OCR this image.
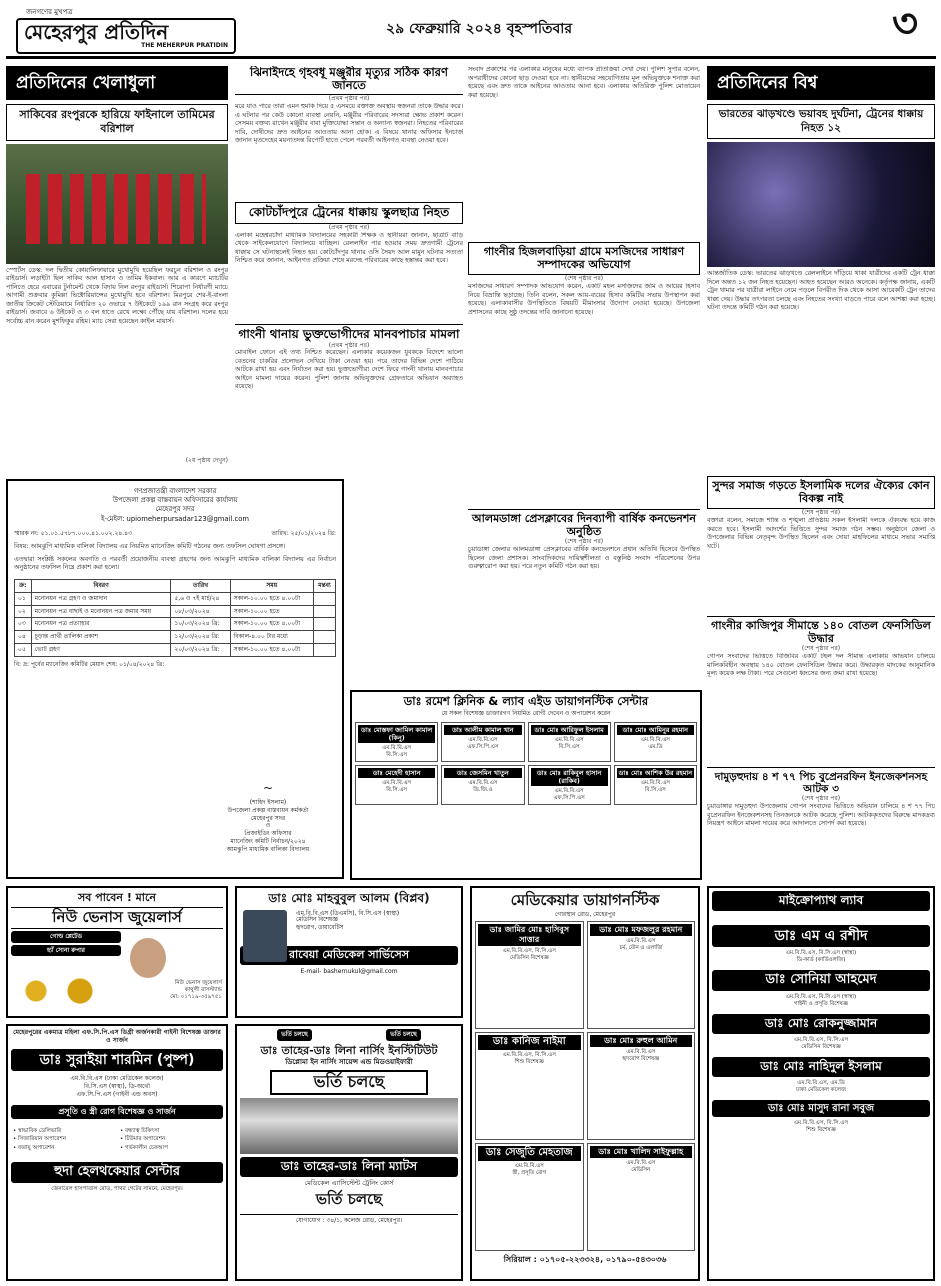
জনগণের মুখপত্র
মেহেরপুর প্রতিদিন
THE MEHERPUR PRATIDIN
২৯ ফেব্রুয়ারি ২০২৪ বৃহস্পতিবার	৩
প্রতিদিনের খেলাধুলা
সাকিবের রংপুরকে হারিয়ে ফাইনালে তামিমের বরিশাল
স্পোর্টস ডেস্ক: দল দ্বিতীয় কোয়ালিফায়ারে মুখোমুখি হয়েছিল ফরচুন বরিশাল ও রংপুর রাইডার্স। লড়াইটা ছিল সাকিব আল হাসান ও তামিম ইকবাল। আর এ কারণে ম্যাচটির পানিতে হেরে এবারের টুর্নামেন্ট থেকে বিদায় নিল রংপুর রাইডার্স। শিরোপা নির্ধারণী ম্যাচে আগামী শুক্রবার কুমিল্লা ভিক্টোরিয়ান্সের মুখোমুখি হবে বরিশাল। মিরপুরে শের-ই-বাংলা জাতীয় ক্রিকেট স্টেডিয়ামে নির্ধারিত ২০ ওভারে ৭ উইকেটে ১৯৯ রান সংগ্রহ করে রংপুর রাইডার্স। জবাবে ৬ উইকেট ও ৩ বল হাতে রেখে লক্ষ্যে পৌঁছে যায় বরিশাল। দলের হয়ে সর্বোচ্চ রান করেন মুশফিকুর রহিম। ম্যাচ সেরা হয়েছেন কাইল মায়ার্স।
(২য় পৃষ্ঠায় দেখুন)
ঝিনাইদহে গৃহবধূ মঞ্জুরীর মৃত্যুর সঠিক কারণ জানতে
(প্রথম পৃষ্ঠার পর)
মরে যাও পারে তারা এমন হুমকি দিয়ে ৫ এসময়ে রক্তাক্ত অবস্থায় স্বজনরা তাকে উদ্ধার করে। এ ঘটনার পর কেউ কোনো ব্যবস্থা নেয়নি, মঞ্জুরীর পরিবারের সদস্যরা ক্ষোভ প্রকাশ করেন। সেসময় বক্তব্য রাখেন মঞ্জুরীর বাবা মুক্তিযোদ্ধা সন্তান ও অন্যান্য স্বজনরা। নিহতের পরিবারের দাবি, দোষীদের দ্রুত আইনের আওতায় আনা হোক। এ বিষয়ে থানার অফিসার ইনচার্জ জানান মৃতদেহের ময়নাতদন্ত রিপোর্ট হাতে পেলে পরবর্তী আইনগত ব্যবস্থা নেওয়া হবে।
কোটচাঁদপুরে ট্রেনের ধাক্কায় স্কুলছাত্র নিহত
(প্রথম পৃষ্ঠার পর)
এলাকা মহেশ্বরচাঁদা মাধ্যমিক বিদ্যালয়ের সহকারী শিক্ষক ও স্থানীয়রা জানান, ছাত্রটি বাড়ি থেকে সাইকেলযোগে বিদ্যালয়ে যাচ্ছিল। রেললাইন পার হওয়ার সময় দ্রুতগামী ট্রেনের ধাক্কায় সে ঘটনাস্থলেই নিহত হয়। কোটচাঁদপুর থানার ওসি সৈয়দ আল মামুন ঘটনার সত্যতা নিশ্চিত করে জানান, আইনগত প্রক্রিয়া শেষে মরদেহ পরিবারের কাছে হস্তান্তর করা হবে।
গাংনী থানায় ভুক্তভোগীদের মানবপাচার মামলা
(প্রথম পৃষ্ঠার পর)
মোবাইল ফোনে এই তথ্য নিশ্চিত করেছেন। এলাকার কয়েকজন যুবককে বিদেশে ভালো বেতনের চাকরির প্রলোভন দেখিয়ে টাকা নেওয়া হয়। পরে তাদের বিভিন্ন দেশে পাঠিয়ে আটকে রাখা হয় এবং নির্যাতন করা হয়। ভুক্তভোগীরা দেশে ফিরে গাংনী থানায় মানবপাচার আইনে মামলা দায়ের করেন। পুলিশ জানায় অভিযুক্তদের গ্রেফতারে অভিযান অব্যাহত রয়েছে।
সংবাদ প্রকাশের পর এলাকার মানুষের মধ্যে ব্যাপক প্রতিক্রিয়া দেখা দেয়। পুলিশ সুপার বলেন, অপরাধীদের কোনো ছাড় দেওয়া হবে না। স্থানীয়দের সহযোগিতায় মূল অভিযুক্তকে শনাক্ত করা হয়েছে এবং দ্রুত তাকে আইনের আওতায় আনা হবে। এলাকায় অতিরিক্ত পুলিশ মোতায়েন করা হয়েছে।
গাংনীর হিজলবাড়িয়া গ্রামে মসজিদের সাধারণ সম্পাদকের অভিযোগ
(শেষ পৃষ্ঠার পর)
মসজিদের সাধারণ সম্পাদক অভিযোগ করেন, একটি মহল মসজিদের জমি ও আয়ের হিসাব নিয়ে বিভ্রান্তি ছড়াচ্ছে। তিনি বলেন, সকল আয়-ব্যয়ের হিসাব কমিটির সভায় উপস্থাপন করা হয়েছে। এলাকাবাসীর উপস্থিতিতে বিষয়টি মীমাংসার উদ্যোগ নেওয়া হয়েছে। উপজেলা প্রশাসনের কাছে সুষ্ঠু তদন্তের দাবি জানানো হয়েছে।
আলমডাঙ্গা প্রেসক্লাবের দিনব্যাপী বার্ষিক কনভেনশন অনুষ্ঠিত
(শেষ পৃষ্ঠার পর)
চুয়াডাঙ্গা জেলার আলমডাঙ্গা প্রেসক্লাবের বার্ষিক কনভেনশনে প্রধান অতিথি হিসেবে উপস্থিত ছিলেন জেলা প্রশাসক। সাংবাদিকদের দায়িত্বশীলতা ও বস্তুনিষ্ঠ সংবাদ পরিবেশনের উপর গুরুত্বারোপ করা হয়। পরে নতুন কমিটি গঠন করা হয়।
প্রতিদিনের বিশ্ব
ভারতের ঝাড়খণ্ডে ভয়াবহ দুর্ঘটনা, ট্রেনের ধাক্কায় নিহত ১২
আন্তর্জাতিক ডেস্ক: ভারতের ঝাড়খণ্ডে রেললাইনে দাঁড়িয়ে থাকা যাত্রীদের একটি ট্রেন ধাক্কা দিলে অন্তত ১২ জন নিহত হয়েছেন। আহত হয়েছেন আরও অনেকে। কর্তৃপক্ষ জানায়, একটি ট্রেন থামার পর যাত্রীরা লাইনে নেমে পড়লে বিপরীত দিক থেকে আসা আরেকটি ট্রেন তাদের ধাক্কা দেয়। উদ্ধার তৎপরতা চলছে এবং নিহতের সংখ্যা বাড়তে পারে বলে আশঙ্কা করা হচ্ছে। ঘটনা তদন্তে কমিটি গঠন করা হয়েছে।
সুন্দর সমাজ গড়তে ইসলামিক দলের ঐক্যের কোন বিকল্প নাই
(শেষ পৃষ্ঠার পর)
বক্তারা বলেন, সমাজে শান্তি ও শৃঙ্খলা প্রতিষ্ঠায় সকল ইসলামী দলকে ঐক্যবদ্ধ হয়ে কাজ করতে হবে। ইসলামী আদর্শের ভিত্তিতে সুন্দর সমাজ গঠন সম্ভব। অনুষ্ঠানে জেলা ও উপজেলার বিভিন্ন নেতৃবৃন্দ উপস্থিত ছিলেন এবং দোয়া মাহফিলের মাধ্যমে সভার সমাপ্তি ঘটে।
গাংনীর কাজিপুর সীমান্তে ১৪০ বোতল ফেনসিডিল উদ্ধার
(শেষ পৃষ্ঠার পর)
গোপন সংবাদের ভিত্তিতে বিজিবির একটি টহল দল সীমান্ত এলাকায় অভিযান চালিয়ে মালিকবিহীন অবস্থায় ১৪০ বোতল ফেনসিডিল উদ্ধার করে। উদ্ধারকৃত মাদকের আনুমানিক মূল্য কয়েক লক্ষ টাকা। পরে সেগুলো ধ্বংসের জন্য জমা রাখা হয়েছে।
দামুড়হুদায় ৪ শ ৭৭ পিচ বুপ্রেনরফিন ইনজেকশনসহ আটক ৩
(শেষ পৃষ্ঠার পর)
চুয়াডাঙ্গার দামুড়হুদা উপজেলায় গোপন সংবাদের ভিত্তিতে অভিযান চালিয়ে ৪ শ ৭৭ পিচ বুপ্রেনরফিন ইনজেকশনসহ তিনজনকে আটক করেছে পুলিশ। আটককৃতদের বিরুদ্ধে মাদকদ্রব্য নিয়ন্ত্রণ আইনে মামলা দায়ের করে আদালতে সোপর্দ করা হয়েছে।
গণপ্রজাতন্ত্রী বাংলাদেশ সরকার
উপজেলা প্রকল্প বাস্তবায়ন অফিসারের কার্যালয়
মেহেরপুর সদর
ই-মেইল: upiomeherpursadar123@gmail.com
স্মারক নং: ৫১.০১.৫৭৮৭.০০০.৪১.০০২.২৪.৪৩	তারিখ: ২৫/০১/২০২৪ খ্রি:
বিষয়: আমঝুপি মাধ্যমিক বালিকা বিদ্যালয় এর নিয়মিত ম্যানেজিং কমিটি গঠনের জন্য তফসিল ঘোষণা প্রসঙ্গে।
এতদ্বারা সংশ্লিষ্ট সকলের অবগতি ও পরবর্তী প্রয়োজনীয় ব্যবস্থা গ্রহণের জন্য আমঝুপি মাধ্যমিক বালিকা বিদ্যালয় এর নির্বাচন অনুষ্ঠানের তফসিল নিম্নে প্রকাশ করা হলো।
ক্র:	বিবরণ	তারিখ	সময়	মন্তব্য
০১	মনোনয়ন পত্র গ্রহণ ও জমাদান	৫,৬ ও ৭ই মার্চ/২৪	সকাল-১০.০০ হতে ৪.০০টা	
০২	মনোনয়ন পত্র বাছাই ও মনোনয়ন পত্র জমার সময়	০৮/০৩/২০২৪	সকাল-১০.০০ হতে	
০৩	মনোনয়ন পত্র প্রত্যাহার	১০/০৩/২০২৪ খ্রি:	সকাল-১০.০০ হতে ৪.০০টা	
০৪	চূড়ান্ত প্রার্থী তালিকা প্রকাশ	১২/০৩/২০২৪ খ্রি:	বিকাল-৪.০০ টার মধ্যে	
০৫	ভোট গ্রহণ	২০/০৩/২০২৪ খ্রি:	সকাল-১০.০০ হতে ৪.০০টা	
বি: দ্র: পূর্বের ম্যানেজিং কমিটির মেয়াদ শেষ: ০১/০৪/২০২৪ খ্রি:
~
(শাহিদ ইসলাম)
উপজেলা প্রকল্প বাস্তবায়ন কর্মকর্তা
মেহেরপুর সদর
ও
প্রিজাইডিং অফিসার
ম্যানেজিং কমিটি নির্বাচন/২০২৪
আমঝুপি মাধ্যমিক বালিকা বিদ্যালয়
ডাঃ রমেশ ক্লিনিক & ল্যাব এইড ডায়াগনস্টিক সেন্টার
যে সকল বিশেষজ্ঞ ডাক্তারগণ নিয়মিত রোগী দেখেন ও অপারেশন করেন
ডাঃ মোস্তফা জামিল কামাল (কিনু)
এম.বি.বি.এস
বি.সি.এস
ডাঃ আলীম কামাল খান
এম.বি.বি.এস
এফ.সি.পি.এস
ডাঃ মোঃ আরিফুল ইসলাম
এম.বি.বি.এস
বি.সি.এস
ডাঃ মোঃ আমিনুর রহমান
এম.বি.বি.এস
এম.ডি
ডাঃ মেহেদী হাসান
এম.বি.বি.এস
বি.সি.এস
ডাঃ জেসমিন খাতুন
এম.বি.বি.এস
ডি.জি.ও
ডাঃ মোঃ রাকিবুল হাসান (রাকিব)
এম.বি.বি.এস
এফ.সি.পি.এস
ডাঃ মোঃ আশিক উর রহমান
এম.বি.বি.এস
বি.সি.এস
সব পাবেন ! মানে
নিউ ভেনাস জুয়েলার্স
গোল্ড প্লেটেড
হ্যাঁ সোনা রুপার
নিউ ভেনাস জুয়েলার্স
কাথুলী বাসস্ট্যান্ড
মো: ০১৭১৯-৩৫৯৭৫১
ডাঃ মোঃ মাহবুবুল আলম (বিপ্লব)
এম.বি.বি.এস (ডিএমসি), বি.সি.এস (স্বাস্থ্য)
মেডিসিন বিশেষজ্ঞ
হৃদরোগ, ডায়াবেটিস
রাবেয়া মেডিকেল সার্ভিসেস
E-mail- bashernukul@gmail.com
মেডিকেয়ার ডায়াগনস্টিক
গোরস্থান রোড, মেহেরপুর
ডাঃ জামির মোঃ হাসিবুস সাত্তার
এম.বি.বি.এস, বি.সি.এস
মেডিসিন বিশেষজ্ঞ
ডাঃ মোঃ মফজলুর রহমান
এম.বি.বি.এস
চর্ম, যৌন ও এলার্জি
ডাঃ কানিজ নাইমা
এম.বি.বি.এস, বি.সি.এস
শিশু বিশেষজ্ঞ
ডাঃ মোঃ রুহুল আমিন
এম.বি.বি.এস
হৃদরোগ বিশেষজ্ঞ
ডাঃ সেজুতি মেহতাজ
এম.বি.বি.এস
স্ত্রী, প্রসূতি রোগ
ডাঃ মোঃ খালিদ সাইফুল্লাহ
এম.বি.বি.এস
মেডিসিন
সিরিয়াল : ০১৭০৫-২২৩৩২৪, ০১৭৯০-৫৪৩০৩৬
মাইক্রোপ্যাথ ল্যাব
ডাঃ এম এ রশীদ
এম.বি.বি.এস, বি.সি.এস (স্বাস্থ্য)
ডি-কার্ড (কার্ডিওলজি)
ডাঃ সোনিয়া আহমেদ
এম.বি.বি.এস, বি.সি.এস (স্বাস্থ্য)
গাইনী ও প্রসূতি বিশেষজ্ঞ
ডাঃ মোঃ রোকনুজ্জামান
এম.বি.বি.এস, বি.সি.এস
মেডিসিন বিশেষজ্ঞ
ডাঃ মোঃ নাহিদুল ইসলাম
এম.বি.বি.এস, এম.ডি
ঢাকা মেডিকেল কলেজ
ডাঃ মোঃ মাসুদ রানা সবুজ
এম.বি.বি.এস, বি.সি.এস
শিশু বিশেষজ্ঞ
মেহেরপুরের একমাত্র মহিলা এফ.সি.পি.এস ডিগ্রী অর্জনকারী গাইনী বিশেষজ্ঞ ডাক্তার ও সার্জন
ডাঃ সুরাইয়া শারমিন (পুষ্প)
এম.বি.বি.এস (ঢাকা মেডিকেল কলেজ)
বি.সি.এস (স্বাস্থ্য), ডি-অর্থো
এফ.সি.পি.এস (গাইনী এন্ড অবস)
প্রসূতি ও স্ত্রী রোগ বিশেষজ্ঞ ও সার্জন
• স্বাভাবিক ডেলিভারি
• সিজারিয়ান অপারেশন
• জরায়ু অপারেশন
• বন্ধ্যাত্ব চিকিৎসা
• টিউমার অপারেশন
• গর্ভকালীন চেকআপ
হুদা হেলথকেয়ার সেন্টার
জেনারেল হাসপাতাল রোড, পাথর গেটের সামনে, মেহেরপুর।
ভর্তি চলছে	ভর্তি চলছে
ডাঃ তাহের-ডাঃ লিনা নার্সিং ইনস্টিটিউট
ডিপ্লোমা ইন নার্সিং সায়েন্স এন্ড মিডওয়াইফারী
ভর্তি চলছে
ডাঃ তাহের-ডাঃ লিনা ম্যাটস
মেডিকেল এ্যাসিস্টেন্ট ট্রেনিং কোর্স
ভর্তি চলছে
যোগাযোগ : ৩৪/১, কলেজ রোড, মেহেরপুর।
